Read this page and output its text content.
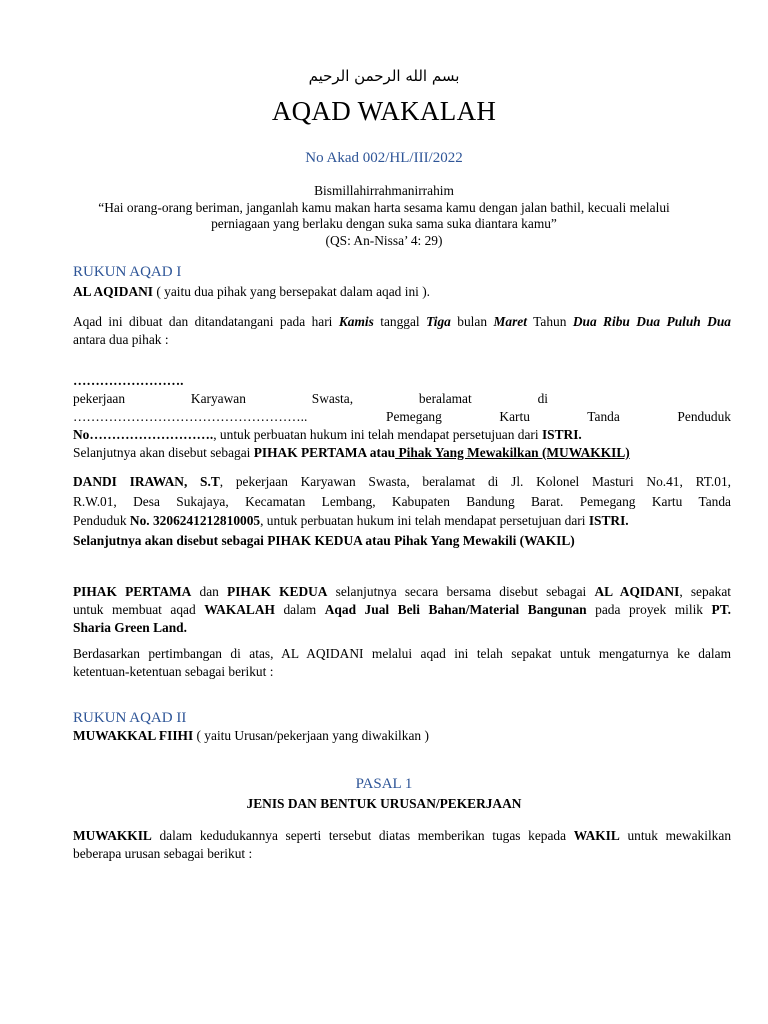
بسم الله الرحمن الرحيم
AQAD WAKALAH
No Akad 002/HL/III/2022
Bismillahirrahmanirrahim
“Hai orang-orang beriman, janganlah kamu makan harta sesama kamu dengan jalan bathil, kecuali melalui
perniagaan yang berlaku dengan suka sama suka diantara kamu”
(QS: An-Nissa’ 4: 29)
RUKUN AQAD I
AL AQIDANI ( yaitu dua pihak yang bersepakat dalam aqad ini ).
Aqad ini dibuat dan ditandatangani pada hari Kamis tanggal Tiga bulan Maret Tahun Dua Ribu Dua Puluh Dua
antara dua pihak :
…………………….pekerjaan Karyawan Swasta, beralamat di
……………………………………………..	Pemegang Kartu Tanda Penduduk
No………………………., untuk perbuatan hukum ini telah mendapat persetujuan dari ISTRI.
Selanjutnya akan disebut sebagai PIHAK PERTAMA atau Pihak Yang Mewakilkan (MUWAKKIL)
DANDI IRAWAN, S.T, pekerjaan Karyawan Swasta, beralamat di Jl. Kolonel Masturi No.41, RT.01,
R.W.01, Desa Sukajaya, Kecamatan Lembang, Kabupaten Bandung Barat. Pemegang Kartu Tanda
Penduduk No. 3206241212810005, untuk perbuatan hukum ini telah mendapat persetujuan dari ISTRI.
Selanjutnya akan disebut sebagai PIHAK KEDUA atau Pihak Yang Mewakili (WAKIL)
PIHAK PERTAMA dan PIHAK KEDUA selanjutnya secara bersama disebut sebagai AL AQIDANI, sepakat
untuk membuat aqad WAKALAH dalam Aqad Jual Beli Bahan/Material Bangunan pada proyek milik PT.
Sharia Green Land.
Berdasarkan pertimbangan di atas, AL AQIDANI melalui aqad ini telah sepakat untuk mengaturnya ke dalam
ketentuan-ketentuan sebagai berikut :
RUKUN AQAD II
MUWAKKAL FIIHI ( yaitu Urusan/pekerjaan yang diwakilkan )
PASAL 1
JENIS DAN BENTUK URUSAN/PEKERJAAN
MUWAKKIL dalam kedudukannya seperti tersebut diatas memberikan tugas kepada WAKIL untuk mewakilkan
beberapa urusan sebagai berikut :
